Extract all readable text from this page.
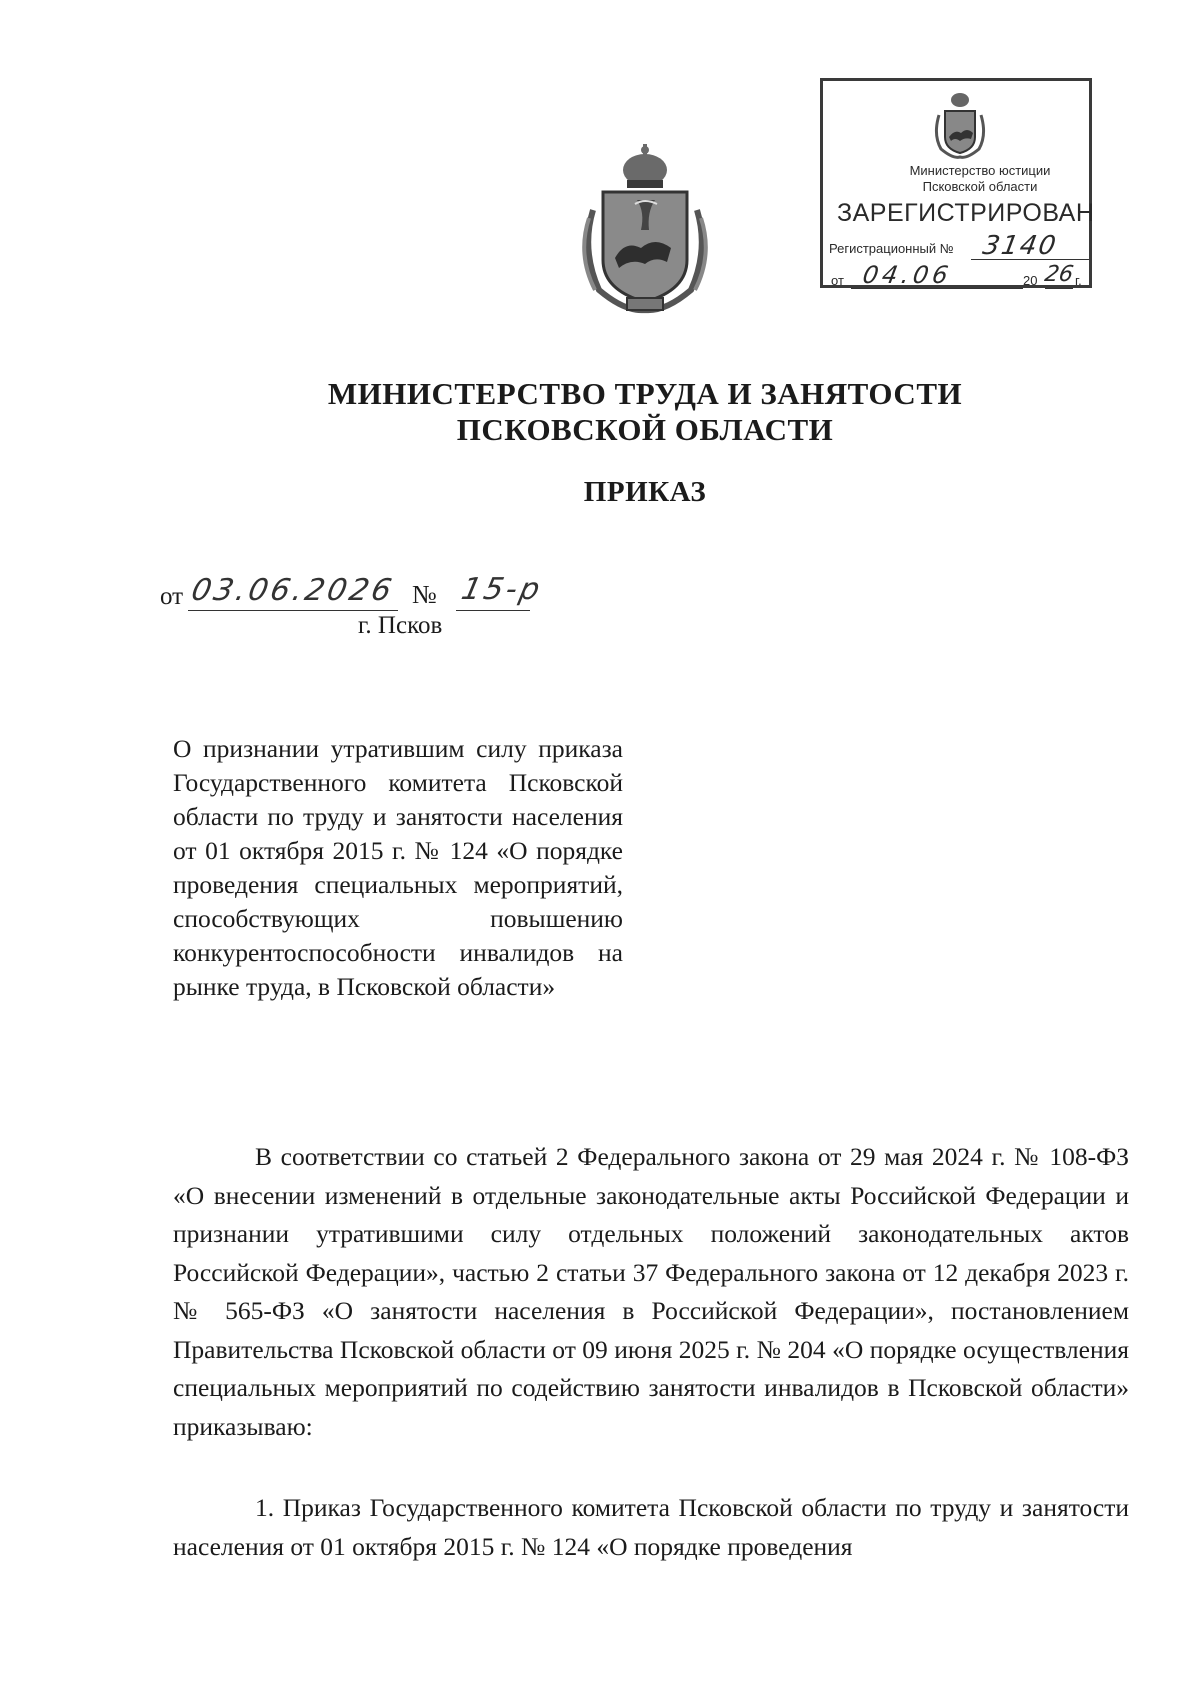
Министерство юстиции
Псковской области
ЗАРЕГИСТРИРОВАН
Регистрационный № 3140
от 04.06	20 26 г.
МИНИСТЕРСТВО ТРУДА И ЗАНЯТОСТИ
ПСКОВСКОЙ ОБЛАСТИ
ПРИКАЗ
от 03.06.2026 № 15-р
г. Псков
О признании утратившим силу приказа Государственного комитета Псковской области по труду и занятости населения от 01 октября 2015 г. № 124 «О порядке проведения специальных мероприятий, способствующих повышению конкурентоспособности инвалидов на рынке труда, в Псковской области»
В соответствии со статьей 2 Федерального закона от 29 мая 2024 г. № 108-ФЗ «О внесении изменений в отдельные законодательные акты Российской Федерации и признании утратившими силу отдельных положений законодательных актов Российской Федерации», частью 2 статьи 37 Федерального закона от 12 декабря 2023 г. № 565-ФЗ «О занятости населения в Российской Федерации», постановлением Правительства Псковской области от 09 июня 2025 г. № 204 «О порядке осуществления специальных мероприятий по содействию занятости инвалидов в Псковской области» приказываю:
1. Приказ Государственного комитета Псковской области по труду и занятости населения от 01 октября 2015 г. № 124 «О порядке проведения
